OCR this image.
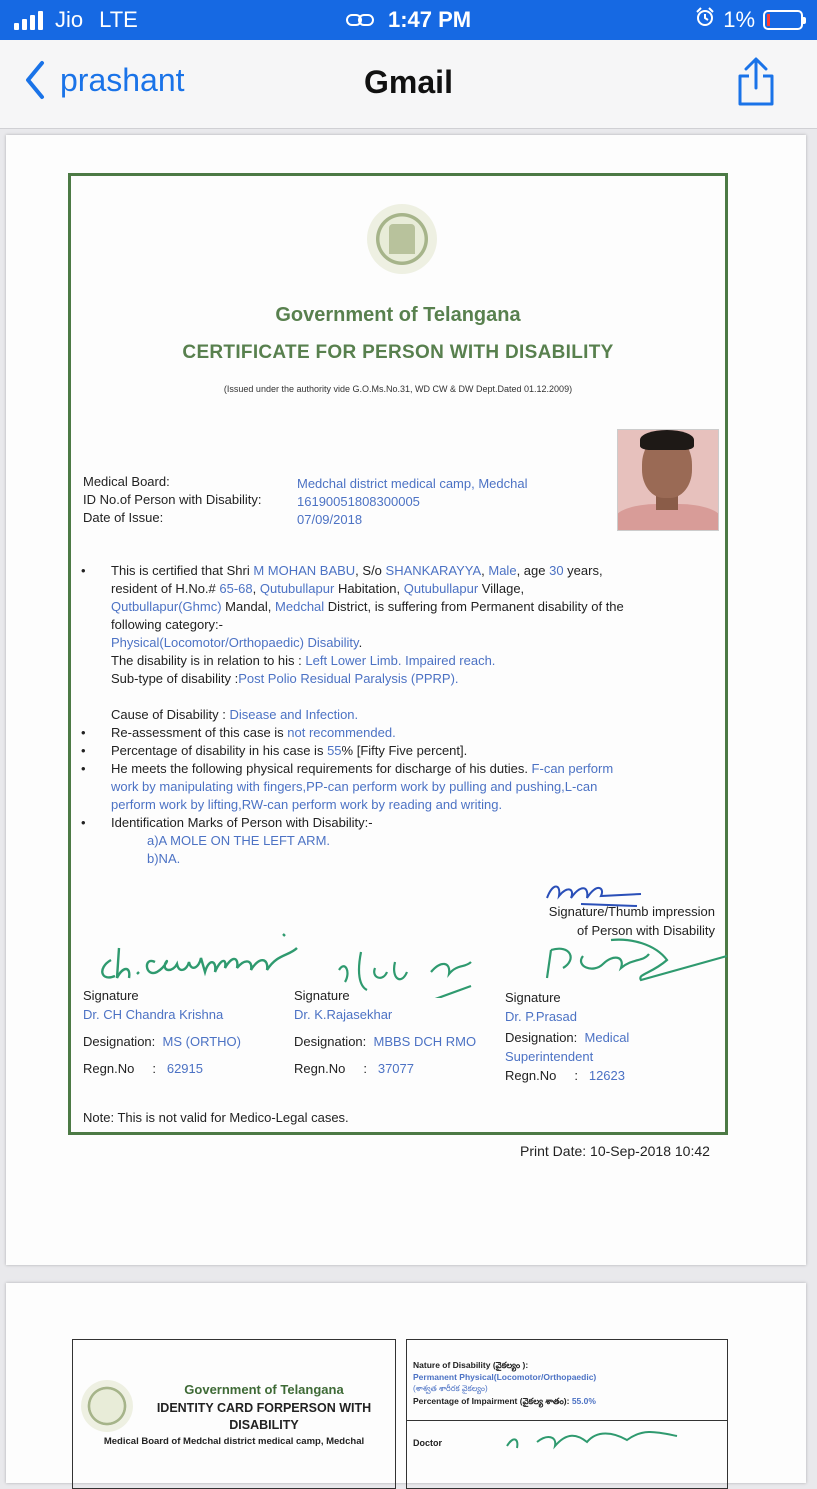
Jio LTE	1:47 PM	1%
prashant	Gmail
Government of Telangana
CERTIFICATE FOR PERSON WITH DISABILITY
(Issued under the authority vide G.O.Ms.No.31, WD CW & DW Dept.Dated 01.12.2009)
Medical Board:	Medchal district medical camp, Medchal
ID No.of Person with Disability:	16190051808300005
Date of Issue:	07/09/2018
• This is certified that Shri M MOHAN BABU, S/o SHANKARAYYA, Male, age 30 years,
resident of H.No.# 65-68, Qutubullapur Habitation, Qutubullapur Village,
Qutbullapur(Ghmc) Mandal, Medchal District, is suffering from Permanent disability of the
following category:-
Physical(Locomotor/Orthopaedic) Disability.
The disability is in relation to his : Left Lower Limb. Impaired reach.
Sub-type of disability :Post Polio Residual Paralysis (PPRP).

Cause of Disability : Disease and Infection.
• Re-assessment of this case is not recommended.
• Percentage of disability in his case is 55% [Fifty Five percent].
• He meets the following physical requirements for discharge of his duties. F-can perform
work by manipulating with fingers,PP-can perform work by pulling and pushing,L-can
perform work by lifting,RW-can perform work by reading and writing.
• Identification Marks of Person with Disability:-
a)A MOLE ON THE LEFT ARM.
b)NA.
Signature/Thumb impression
of Person with Disability
Signature
Dr. CH Chandra Krishna

Designation: MS (ORTHO)

Regn.No : 62915
Signature
Dr. K.Rajasekhar

Designation: MBBS DCH RMO

Regn.No : 37077
Signature
Dr. P.Prasad

Designation: Medical
Superintendent
Regn.No : 12623
Note: This is not valid for Medico-Legal cases.
Print Date: 10-Sep-2018 10:42
Government of Telangana
IDENTITY CARD FORPERSON WITH
DISABILITY
Medical Board of Medchal district medical camp, Medchal
Nature of Disability (వైకల్యం ):
Permanent Physical(Locomotor/Orthopaedic)
(శాశ్వత శారీరక వైకల్యం)
Percentage of Impairment (వైకల్య శాతం): 55.0%
Doctor
